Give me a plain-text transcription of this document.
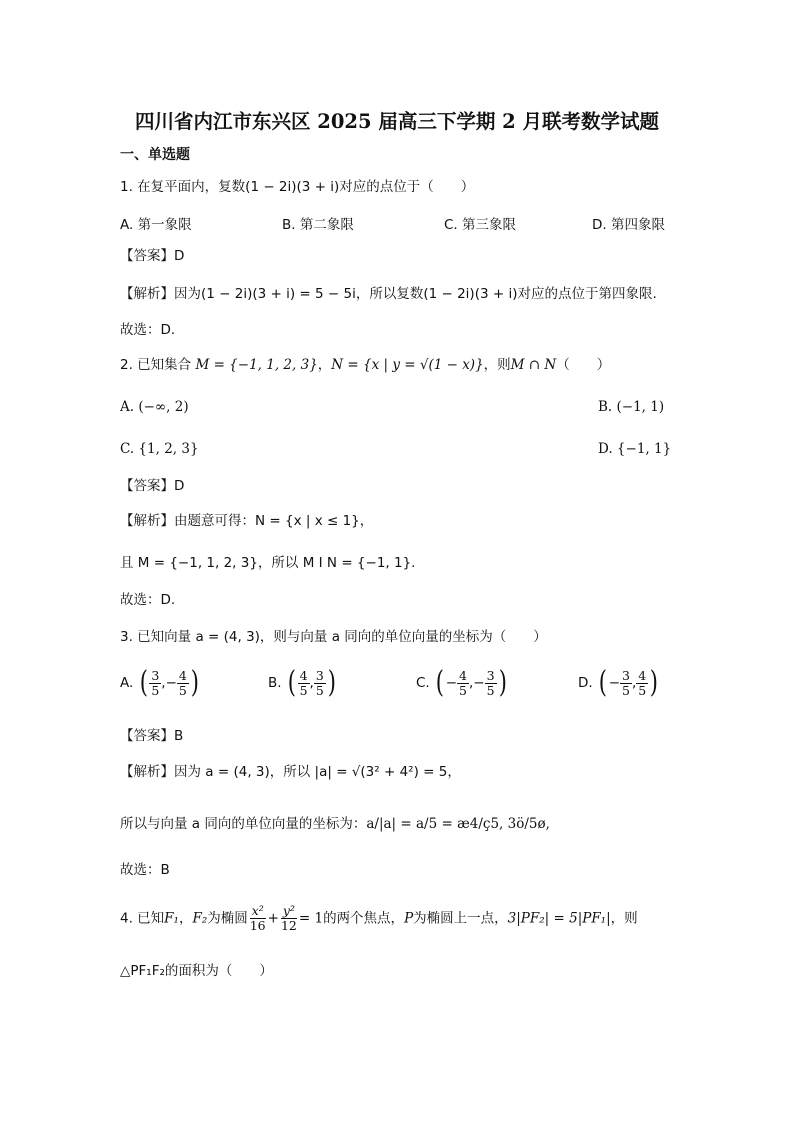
四川省内江市东兴区 2025 届高三下学期 2 月联考数学试题
一、单选题
1. 在复平面内，复数(1 − 2i)(3 + i)对应的点位于（　　）
A. 第一象限	B. 第二象限	C. 第三象限	D. 第四象限
【答案】D
【解析】因为(1 − 2i)(3 + i) = 5 − 5i，所以复数(1 − 2i)(3 + i)对应的点位于第四象限.
故选：D.
2. 已知集合 M = {−1, 1, 2, 3}，N = {x | y = √(1 − x)}，则M ∩ N（　　）
A. (−∞, 2)	B. (−1, 1)
C. {1, 2, 3}	D. {−1, 1}
【答案】D
【解析】由题意可得：N = {x | x ≤ 1}，
且 M = {−1, 1, 2, 3}，所以 M I N = {−1, 1}.
故选：D.
3. 已知向量 a = (4, 3)，则与向量 a 同向的单位向量的坐标为（　　）
A. ( $\frac{3}{5}$ ,− $\frac{4}{5}$ )	B. ( $\frac{4}{5}$ , $\frac{3}{5}$ )	C. ( − $\frac{4}{5}$ ,− $\frac{3}{5}$ )	D. ( − $\frac{3}{5}$ , $\frac{4}{5}$ )
【答案】B
【解析】因为 a = (4, 3)，所以 |a| = √(3² + 4²) = 5，
所以与向量 a 同向的单位向量的坐标为：a/|a| = a/5 = æ4/ç5, 3ö/5ø,
故选：B
4. 已知F₁，F₂为椭圆 $\frac{\text{x²}}{16} + \frac{\text{y²}}{12} = 1$的两个焦点，P为椭圆上一点，3|PF₂| = 5|PF₁|，则
△PF₁F₂的面积为（　　）
